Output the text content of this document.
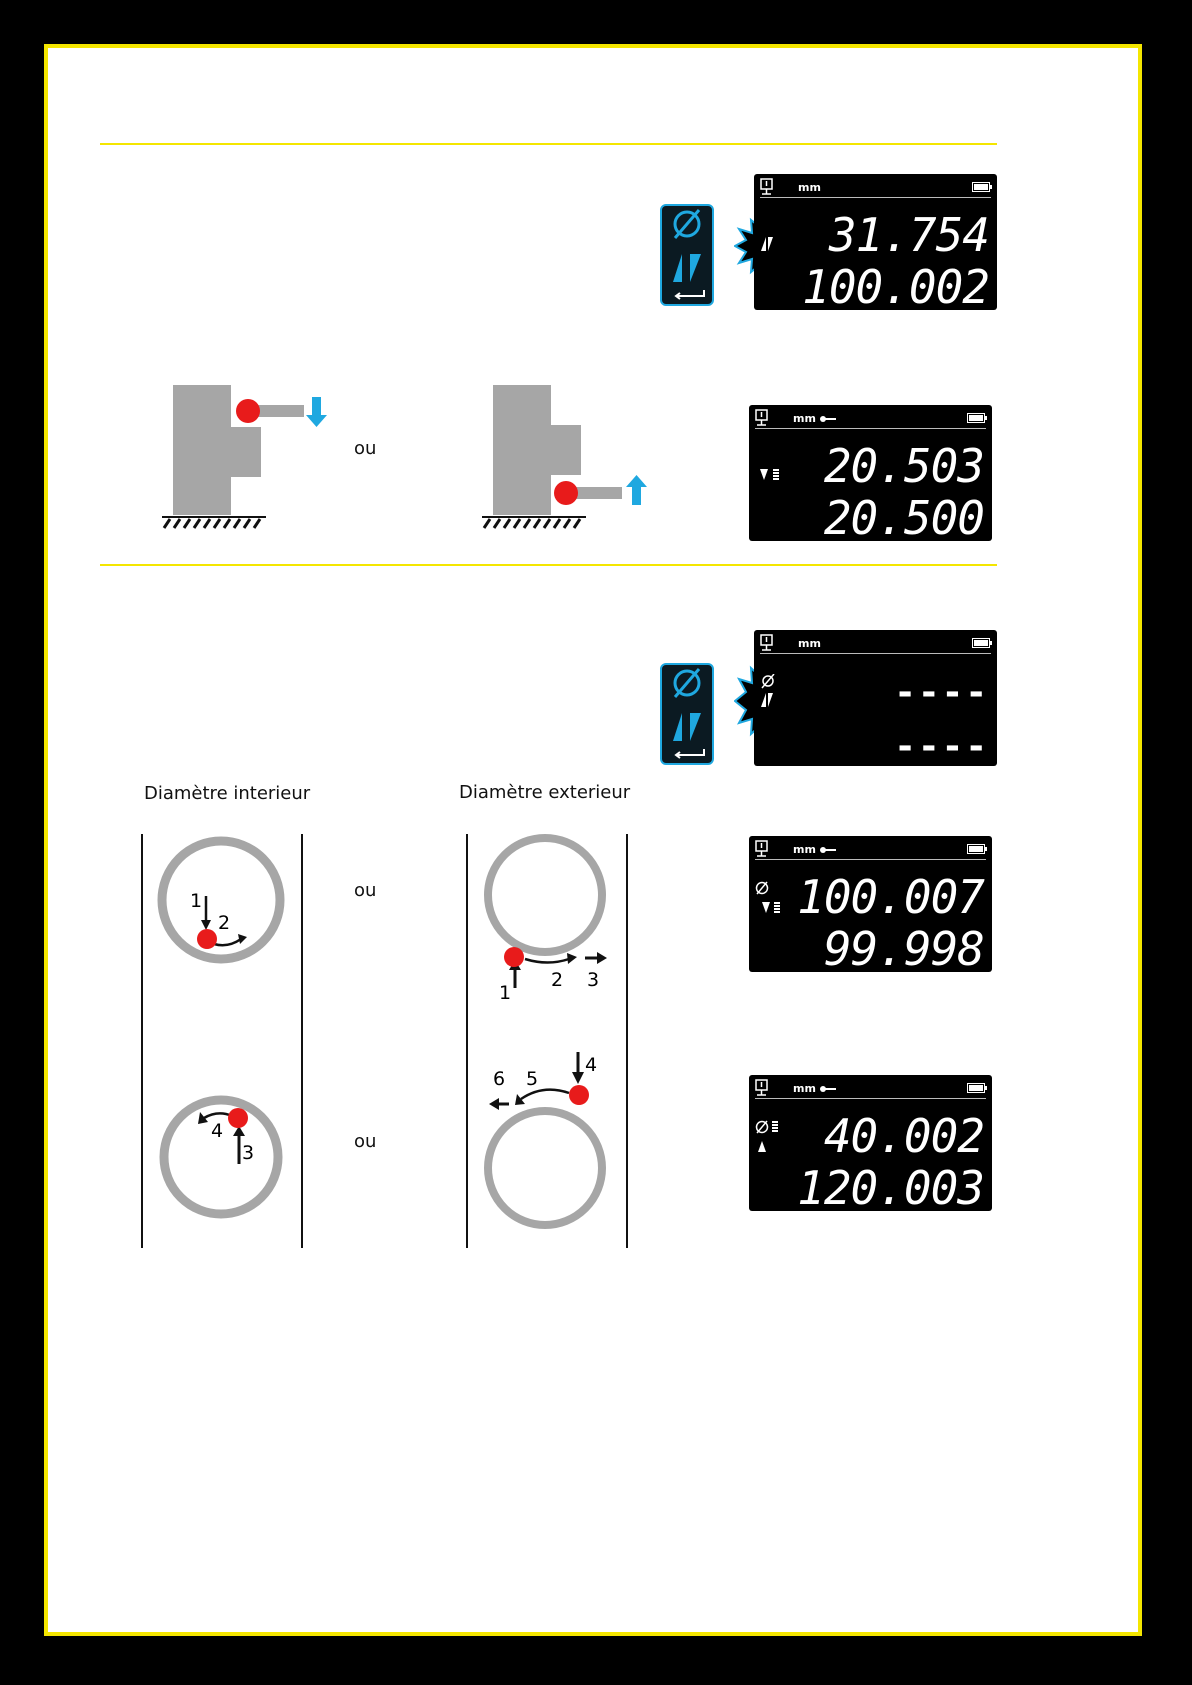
mm
31.754
100.002
ou
mm
20.503
20.500
mm
----
----
Diamètre interieur	Diamètre exterieur
1
2
ou
4
3
ou
1
2 3
6 5
4
mm
100.007
99.998
mm
40.002
120.003
